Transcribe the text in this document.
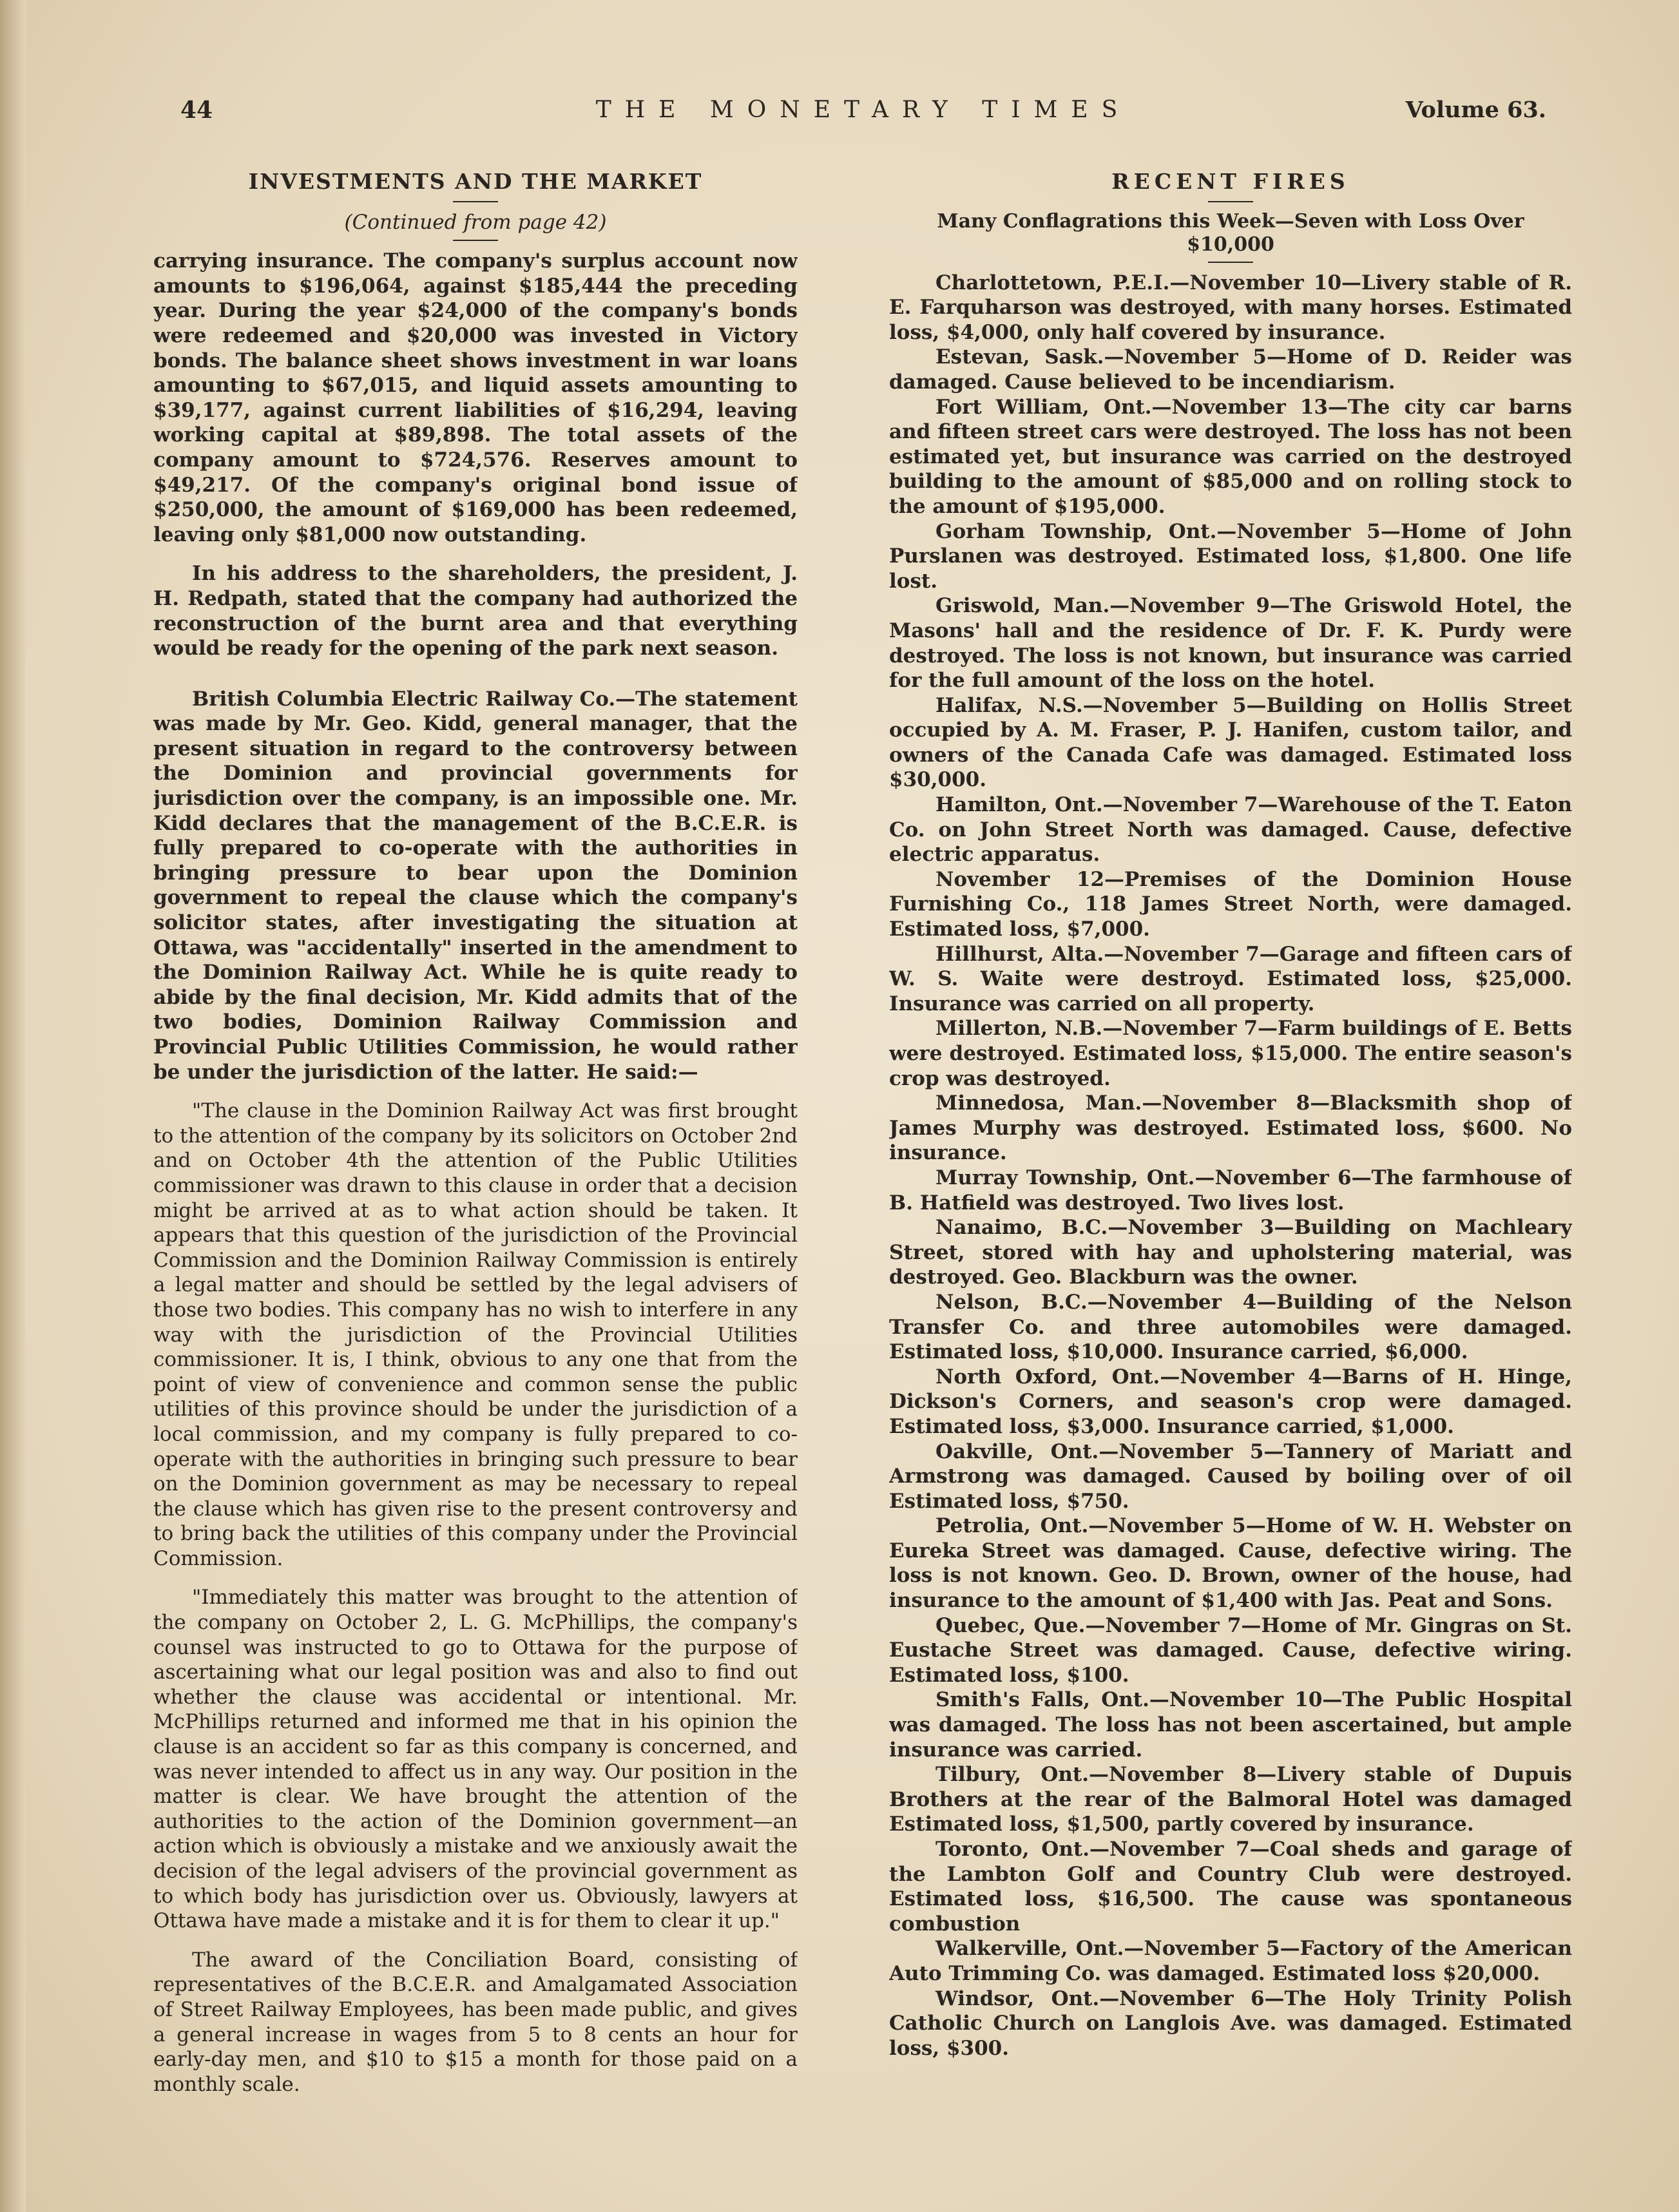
44	THE MONETARY TIMES	Volume 63.
INVESTMENTS AND THE MARKET
(Continued from page 42)

carrying insurance. The company's surplus account now amounts to $196,064, against $185,444 the preceding year. During the year $24,000 of the company's bonds were redeemed and $20,000 was invested in Victory bonds. The balance sheet shows investment in war loans amounting to $67,015, and liquid assets amounting to $39,177, against current liabilities of $16,294, leaving working capital at $89,898. The total assets of the company amount to $724,576. Reserves amount to $49,217. Of the company's original bond issue of $250,000, the amount of $169,000 has been redeemed, leaving only $81,000 now outstanding.

In his address to the shareholders, the president, J. H. Redpath, stated that the company had authorized the reconstruction of the burnt area and that everything would be ready for the opening of the park next season.

British Columbia Electric Railway Co.—The statement was made by Mr. Geo. Kidd, general manager, that the present situation in regard to the controversy between the Dominion and provincial governments for jurisdiction over the company, is an impossible one. Mr. Kidd declares that the management of the B.C.E.R. is fully prepared to co-operate with the authorities in bringing pressure to bear upon the Dominion government to repeal the clause which the company's solicitor states, after investigating the situation at Ottawa, was "accidentally" inserted in the amendment to the Dominion Railway Act. While he is quite ready to abide by the final decision, Mr. Kidd admits that of the two bodies, Dominion Railway Commission and Provincial Public Utilities Commission, he would rather be under the jurisdiction of the latter. He said:—

"The clause in the Dominion Railway Act was first brought to the attention of the company by its solicitors on October 2nd and on October 4th the attention of the Public Utilities commissioner was drawn to this clause in order that a decision might be arrived at as to what action should be taken. It appears that this question of the jurisdiction of the Provincial Commission and the Dominion Railway Commission is entirely a legal matter and should be settled by the legal advisers of those two bodies. This company has no wish to interfere in any way with the jurisdiction of the Provincial Utilities commissioner. It is, I think, obvious to any one that from the point of view of convenience and common sense the public utilities of this province should be under the jurisdiction of a local commission, and my company is fully prepared to co-operate with the authorities in bringing such pressure to bear on the Dominion government as may be necessary to repeal the clause which has given rise to the present controversy and to bring back the utilities of this company under the Provincial Commission.

"Immediately this matter was brought to the attention of the company on October 2, L. G. McPhillips, the company's counsel was instructed to go to Ottawa for the purpose of ascertaining what our legal position was and also to find out whether the clause was accidental or intentional. Mr. McPhillips returned and informed me that in his opinion the clause is an accident so far as this company is concerned, and was never intended to affect us in any way. Our position in the matter is clear. We have brought the attention of the authorities to the action of the Dominion government—an action which is obviously a mistake and we anxiously await the decision of the legal advisers of the provincial government as to which body has jurisdiction over us. Obviously, lawyers at Ottawa have made a mistake and it is for them to clear it up."

The award of the Conciliation Board, consisting of representatives of the B.C.E.R. and Amalgamated Association of Street Railway Employees, has been made public, and gives a general increase in wages from 5 to 8 cents an hour for early-day men, and $10 to $15 a month for those paid on a monthly scale.

RECENT FIRES
Many Conflagrations this Week—Seven with Loss Over $10,000

Charlottetown, P.E.I.—November 10—Livery stable of R. E. Farquharson was destroyed, with many horses. Estimated loss, $4,000, only half covered by insurance.

Estevan, Sask.—November 5—Home of D. Reider was damaged. Cause believed to be incendiarism.

Fort William, Ont.—November 13—The city car barns and fifteen street cars were destroyed. The loss has not been estimated yet, but insurance was carried on the destroyed building to the amount of $85,000 and on rolling stock to the amount of $195,000.

Gorham Township, Ont.—November 5—Home of John Purslanen was destroyed. Estimated loss, $1,800. One life lost.

Griswold, Man.—November 9—The Griswold Hotel, the Masons' hall and the residence of Dr. F. K. Purdy were destroyed. The loss is not known, but insurance was carried for the full amount of the loss on the hotel.

Halifax, N.S.—November 5—Building on Hollis Street occupied by A. M. Fraser, P. J. Hanifen, custom tailor, and owners of the Canada Cafe was damaged. Estimated loss $30,000.

Hamilton, Ont.—November 7—Warehouse of the T. Eaton Co. on John Street North was damaged. Cause, defective electric apparatus.

November 12—Premises of the Dominion House Furnishing Co., 118 James Street North, were damaged. Estimated loss, $7,000.

Hillhurst, Alta.—November 7—Garage and fifteen cars of W. S. Waite were destroyd. Estimated loss, $25,000. Insurance was carried on all property.

Millerton, N.B.—November 7—Farm buildings of E. Betts were destroyed. Estimated loss, $15,000. The entire season's crop was destroyed.

Minnedosa, Man.—November 8—Blacksmith shop of James Murphy was destroyed. Estimated loss, $600. No insurance.

Murray Township, Ont.—November 6—The farmhouse of B. Hatfield was destroyed. Two lives lost.

Nanaimo, B.C.—November 3—Building on Machleary Street, stored with hay and upholstering material, was destroyed. Geo. Blackburn was the owner.

Nelson, B.C.—November 4—Building of the Nelson Transfer Co. and three automobiles were damaged. Estimated loss, $10,000. Insurance carried, $6,000.

North Oxford, Ont.—November 4—Barns of H. Hinge, Dickson's Corners, and season's crop were damaged. Estimated loss, $3,000. Insurance carried, $1,000.

Oakville, Ont.—November 5—Tannery of Mariatt and Armstrong was damaged. Caused by boiling over of oil Estimated loss, $750.

Petrolia, Ont.—November 5—Home of W. H. Webster on Eureka Street was damaged. Cause, defective wiring. The loss is not known. Geo. D. Brown, owner of the house, had insurance to the amount of $1,400 with Jas. Peat and Sons.

Quebec, Que.—November 7—Home of Mr. Gingras on St. Eustache Street was damaged. Cause, defective wiring. Estimated loss, $100.

Smith's Falls, Ont.—November 10—The Public Hospital was damaged. The loss has not been ascertained, but ample insurance was carried.

Tilbury, Ont.—November 8—Livery stable of Dupuis Brothers at the rear of the Balmoral Hotel was damaged Estimated loss, $1,500, partly covered by insurance.

Toronto, Ont.—November 7—Coal sheds and garage of the Lambton Golf and Country Club were destroyed. Estimated loss, $16,500. The cause was spontaneous combustion

Walkerville, Ont.—November 5—Factory of the American Auto Trimming Co. was damaged. Estimated loss $20,000.

Windsor, Ont.—November 6—The Holy Trinity Polish Catholic Church on Langlois Ave. was damaged. Estimated loss, $300.
